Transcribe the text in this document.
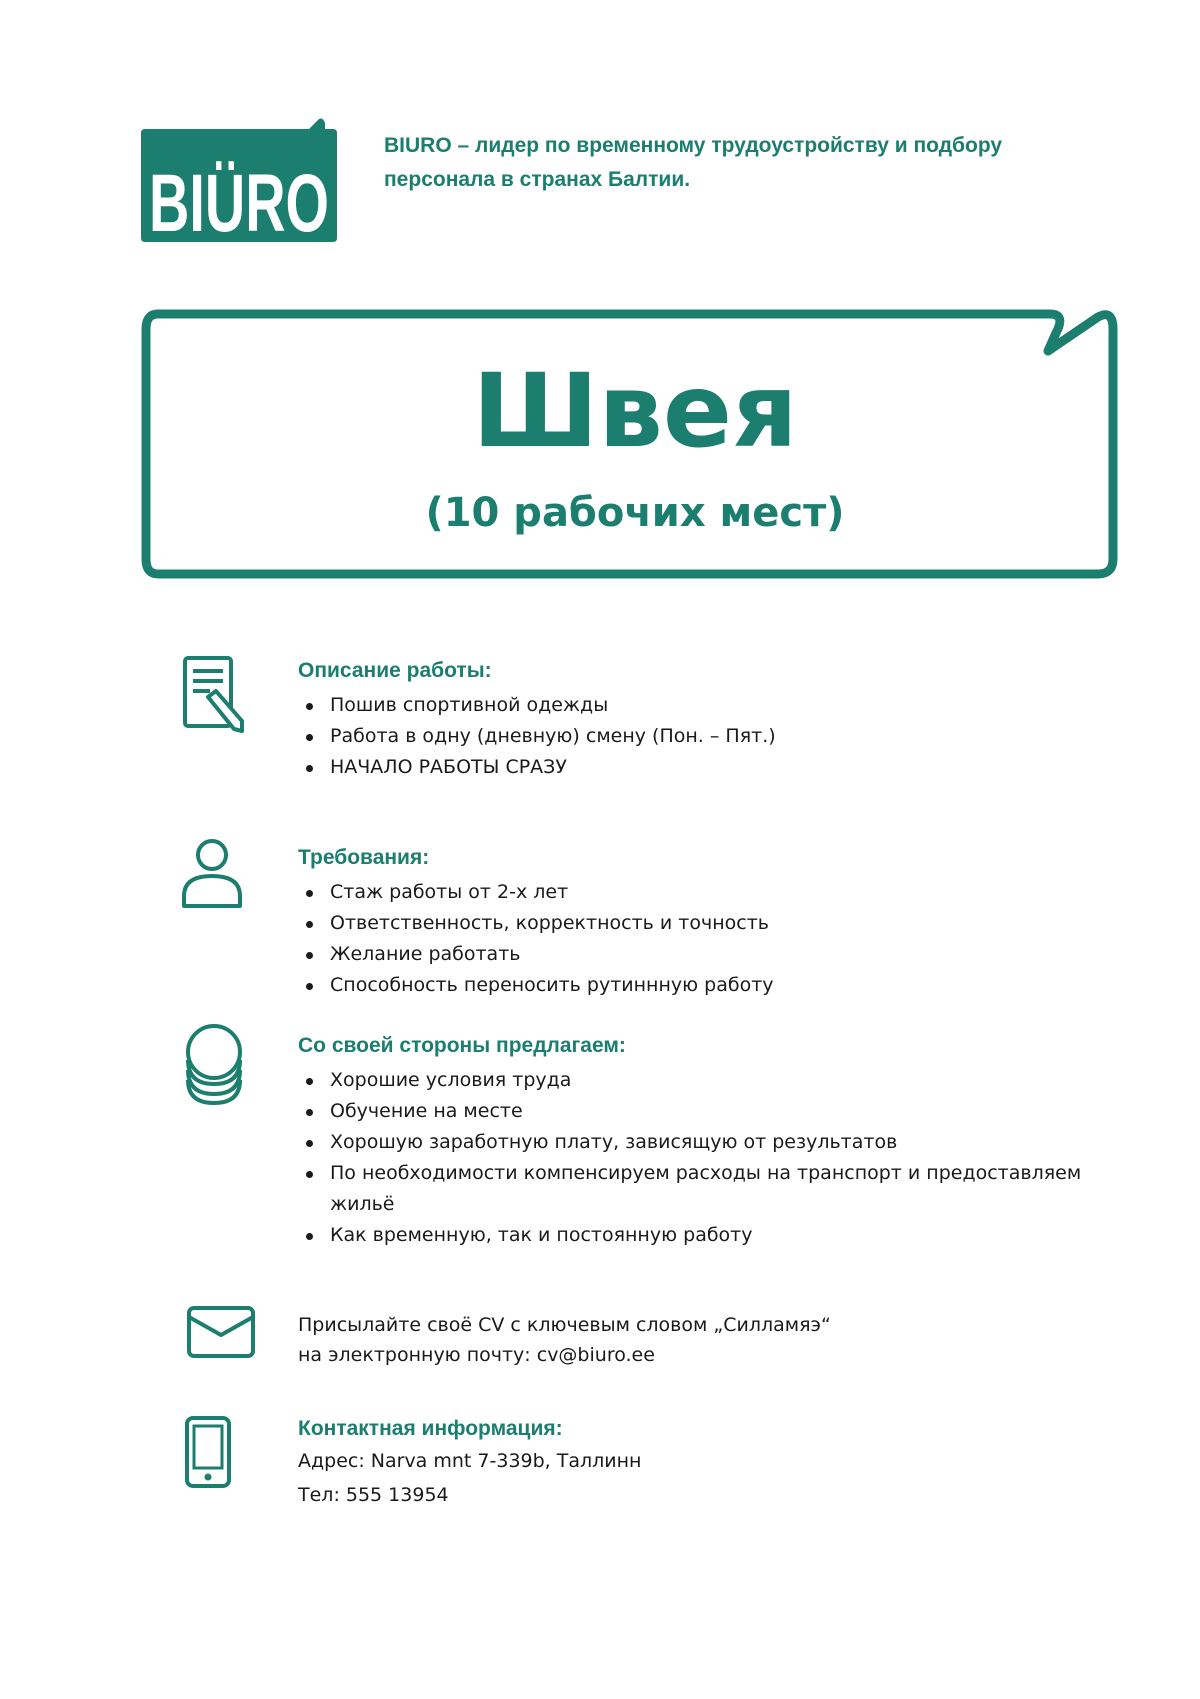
BIÜRO
BIURO – лидер по временному трудоустройству и подбору
персонала в странах Балтии.
Швея
(10 рабочих мест)
Описание работы:
Пошив спортивной одежды
Работа в одну (дневную) смену (Пон. – Пят.)
НАЧАЛО РАБОТЫ СРАЗУ
Требования:
Стаж работы от 2-х лет
Ответственность, корректность и точность
Желание работать
Способность переносить рутиннную работу
Со своей стороны предлагаем:
Хорошие условия труда
Обучение на месте
Хорошую заработную плату, зависящую от результатов
По необходимости компенсируем расходы на транспорт и предоставляем жильё
Как временную, так и постоянную работу
Присылайте своё CV с ключевым словом „Силламяэ“
на электронную почту: cv@biuro.ee
Контактная информация:
Адрес: Narva mnt 7-339b, Таллинн
Тел: 555 13954
